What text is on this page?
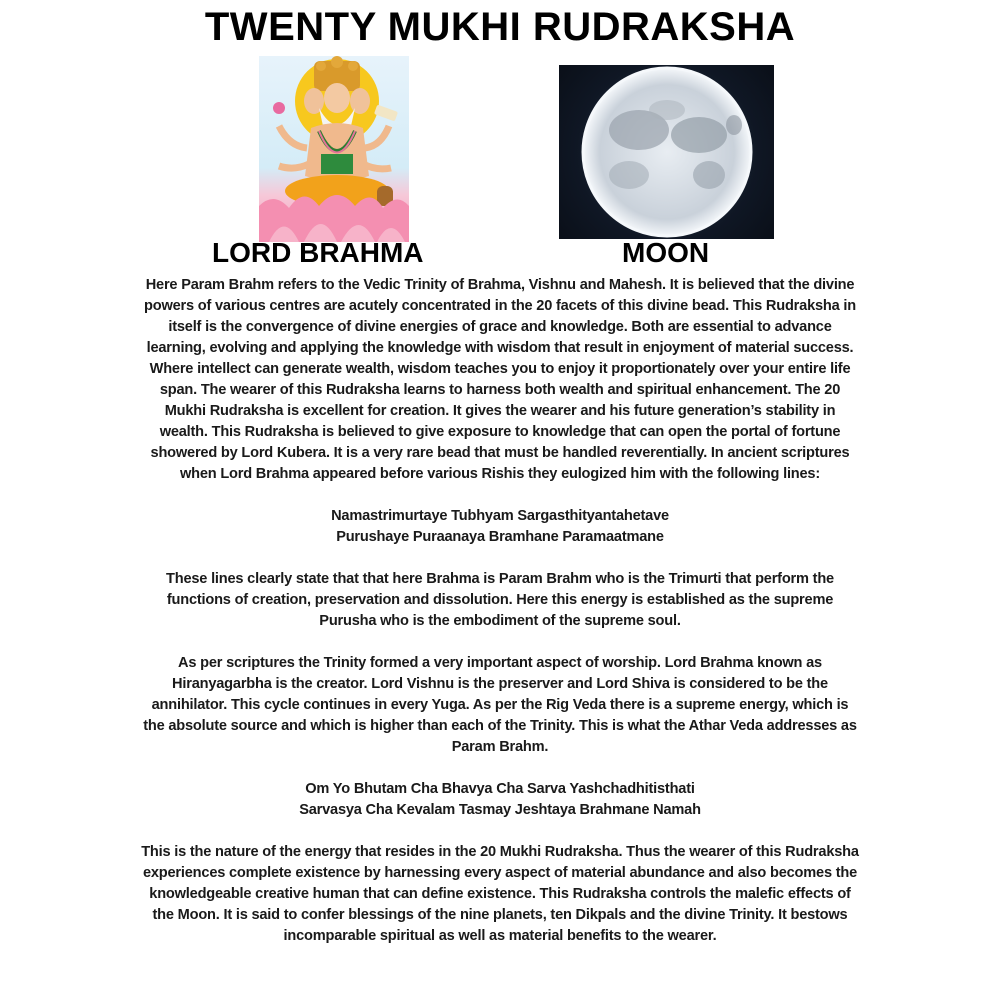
TWENTY MUKHI RUDRAKSHA
LORD BRAHMA	MOON

Here Param Brahm refers to the Vedic Trinity of Brahma, Vishnu and Mahesh. It is believed that the divine powers of various centres are acutely concentrated in the 20 facets of this divine bead. This Rudraksha in itself is the convergence of divine energies of grace and knowledge. Both are essential to advance learning, evolving and applying the knowledge with wisdom that result in enjoyment of material success. Where intellect can generate wealth, wisdom teaches you to enjoy it proportionately over your entire life span. The wearer of this Rudraksha learns to harness both wealth and spiritual enhancement. The 20 Mukhi Rudraksha is excellent for creation. It gives the wearer and his future generation’s stability in wealth. This Rudraksha is believed to give exposure to knowledge that can open the portal of fortune showered by Lord Kubera. It is a very rare bead that must be handled reverentially. In ancient scriptures when Lord Brahma appeared before various Rishis they eulogized him with the following lines:

Namastrimurtaye Tubhyam Sargasthityantahetave
Purushaye Puraanaya Bramhane Paramaatmane

These lines clearly state that that here Brahma is Param Brahm who is the Trimurti that perform the functions of creation, preservation and dissolution. Here this energy is established as the supreme Purusha who is the embodiment of the supreme soul.

As per scriptures the Trinity formed a very important aspect of worship. Lord Brahma known as Hiranyagarbha is the creator. Lord Vishnu is the preserver and Lord Shiva is considered to be the annihilator. This cycle continues in every Yuga. As per the Rig Veda there is a supreme energy, which is the absolute source and which is higher than each of the Trinity. This is what the Athar Veda addresses as Param Brahm.

Om Yo Bhutam Cha Bhavya Cha Sarva Yashchadhitisthati
Sarvasya Cha Kevalam Tasmay Jeshtaya Brahmane Namah

This is the nature of the energy that resides in the 20 Mukhi Rudraksha. Thus the wearer of this Rudraksha experiences complete existence by harnessing every aspect of material abundance and also becomes the knowledgeable creative human that can define existence. This Rudraksha controls the malefic effects of the Moon. It is said to confer blessings of the nine planets, ten Dikpals and the divine Trinity. It bestows incomparable spiritual as well as material benefits to the wearer.
